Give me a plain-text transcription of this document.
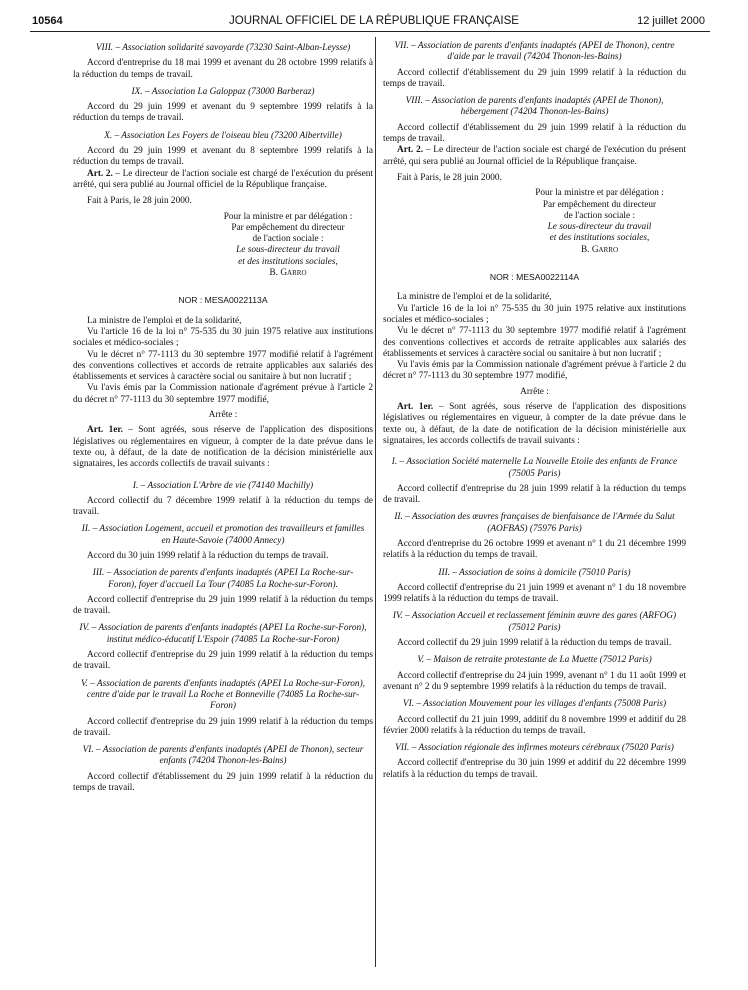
10564	JOURNAL OFFICIEL DE LA RÉPUBLIQUE FRANÇAISE	12 juillet 2000
VIII. – Association solidarité savoyarde (73230 Saint-Alban-Leysse)

Accord d'entreprise du 18 mai 1999 et avenant du 28 octobre 1999 relatifs à la réduction du temps de travail.

IX. – Association La Galoppaz (73000 Barberaz)

Accord du 29 juin 1999 et avenant du 9 septembre 1999 relatifs à la réduction du temps de travail.

X. – Association Les Foyers de l'oiseau bleu (73200 Albertville)

Accord du 29 juin 1999 et avenant du 8 septembre 1999 relatifs à la réduction du temps de travail.

Art. 2. – Le directeur de l'action sociale est chargé de l'exécution du présent arrêté, qui sera publié au Journal officiel de la République française.

Fait à Paris, le 28 juin 2000.

Pour la ministre et par délégation :
Par empêchement du directeur
de l'action sociale :
Le sous-directeur du travail
et des institutions sociales,
B. Garro
NOR : MESA0022113A

La ministre de l'emploi et de la solidarité,

Vu l'article 16 de la loi n° 75-535 du 30 juin 1975 relative aux institutions sociales et médico-sociales ;

Vu le décret n° 77-1113 du 30 septembre 1977 modifié relatif à l'agrément des conventions collectives et accords de retraite applicables aux salariés des établissements et services à caractère social ou sanitaire à but non lucratif ;

Vu l'avis émis par la Commission nationale d'agrément prévue à l'article 2 du décret n° 77-1113 du 30 septembre 1977 modifié,

Arrête :

Art. 1er. – Sont agréés, sous réserve de l'application des dispositions législatives ou réglementaires en vigueur, à compter de la date prévue dans le texte ou, à défaut, de la date de notification de la décision ministérielle aux signataires, les accords collectifs de travail suivants :

I. – Association L'Arbre de vie (74140 Machilly)

Accord collectif du 7 décembre 1999 relatif à la réduction du temps de travail.

II. – Association Logement, accueil et promotion des travailleurs et familles en Haute-Savoie (74000 Annecy)

Accord du 30 juin 1999 relatif à la réduction du temps de travail.

III. – Association de parents d'enfants inadaptés (APEI La Roche-sur-Foron), foyer d'accueil La Tour (74085 La Roche-sur-Foron).

Accord collectif d'entreprise du 29 juin 1999 relatif à la réduction du temps de travail.

IV. – Association de parents d'enfants inadaptés (APEI La Roche-sur-Foron), institut médico-éducatif L'Espoir (74085 La Roche-sur-Foron)

Accord collectif d'entreprise du 29 juin 1999 relatif à la réduction du temps de travail.

V. – Association de parents d'enfants inadaptés (APEI La Roche-sur-Foron), centre d'aide par le travail La Roche et Bonneville (74085 La Roche-sur-Foron)

Accord collectif d'entreprise du 29 juin 1999 relatif à la réduction du temps de travail.

VI. – Association de parents d'enfants inadaptés (APEI de Thonon), secteur enfants (74204 Thonon-les-Bains)

Accord collectif d'établissement du 29 juin 1999 relatif à la réduction du temps de travail.

VII. – Association de parents d'enfants inadaptés (APEI de Thonon), centre d'aide par le travail (74204 Thonon-les-Bains)

Accord collectif d'établissement du 29 juin 1999 relatif à la réduction du temps de travail.

VIII. – Association de parents d'enfants inadaptés (APEI de Thonon), hébergement (74204 Thonon-les-Bains)

Accord collectif d'établissement du 29 juin 1999 relatif à la réduction du temps de travail.

Art. 2. – Le directeur de l'action sociale est chargé de l'exécution du présent arrêté, qui sera publié au Journal officiel de la République française.

Fait à Paris, le 28 juin 2000.

Pour la ministre et par délégation :
Par empêchement du directeur
de l'action sociale :
Le sous-directeur du travail
et des institutions sociales,
B. Garro
NOR : MESA0022114A

La ministre de l'emploi et de la solidarité,

Vu l'article 16 de la loi n° 75-535 du 30 juin 1975 relative aux institutions sociales et médico-sociales ;

Vu le décret n° 77-1113 du 30 septembre 1977 modifié relatif à l'agrément des conventions collectives et accords de retraite applicables aux salariés des établissements et services à caractère social ou sanitaire à but non lucratif ;

Vu l'avis émis par la Commission nationale d'agrément prévue à l'article 2 du décret n° 77-1113 du 30 septembre 1977 modifié,

Arrête :

Art. 1er. – Sont agréés, sous réserve de l'application des dispositions législatives ou réglementaires en vigueur, à compter de la date prévue dans le texte ou, à défaut, de la date de notification de la décision ministérielle aux signataires, les accords collectifs de travail suivants :

I. – Association Société maternelle La Nouvelle Etoile des enfants de France (75005 Paris)

Accord collectif d'entreprise du 28 juin 1999 relatif à la réduction du temps de travail.

II. – Association des œuvres françaises de bienfaisance de l'Armée du Salut (AOFBAS) (75976 Paris)

Accord d'entreprise du 26 octobre 1999 et avenant n° 1 du 21 décembre 1999 relatifs à la réduction du temps de travail.

III. – Association de soins à domicile (75010 Paris)

Accord collectif d'entreprise du 21 juin 1999 et avenant n° 1 du 18 novembre 1999 relatifs à la réduction du temps de travail.

IV. – Association Accueil et reclassement féminin œuvre des gares (ARFOG) (75012 Paris)

Accord collectif du 29 juin 1999 relatif à la réduction du temps de travail.

V. – Maison de retraite protestante de La Muette (75012 Paris)

Accord collectif d'entreprise du 24 juin 1999, avenant n° 1 du 11 août 1999 et avenant n° 2 du 9 septembre 1999 relatifs à la réduction du temps de travail.

VI. – Association Mouvement pour les villages d'enfants (75008 Paris)

Accord collectif du 21 juin 1999, additif du 8 novembre 1999 et additif du 28 février 2000 relatifs à la réduction du temps de travail.

VII. – Association régionale des infirmes moteurs cérébraux (75020 Paris)

Accord collectif d'entreprise du 30 juin 1999 et additif du 22 décembre 1999 relatifs à la réduction du temps de travail.
